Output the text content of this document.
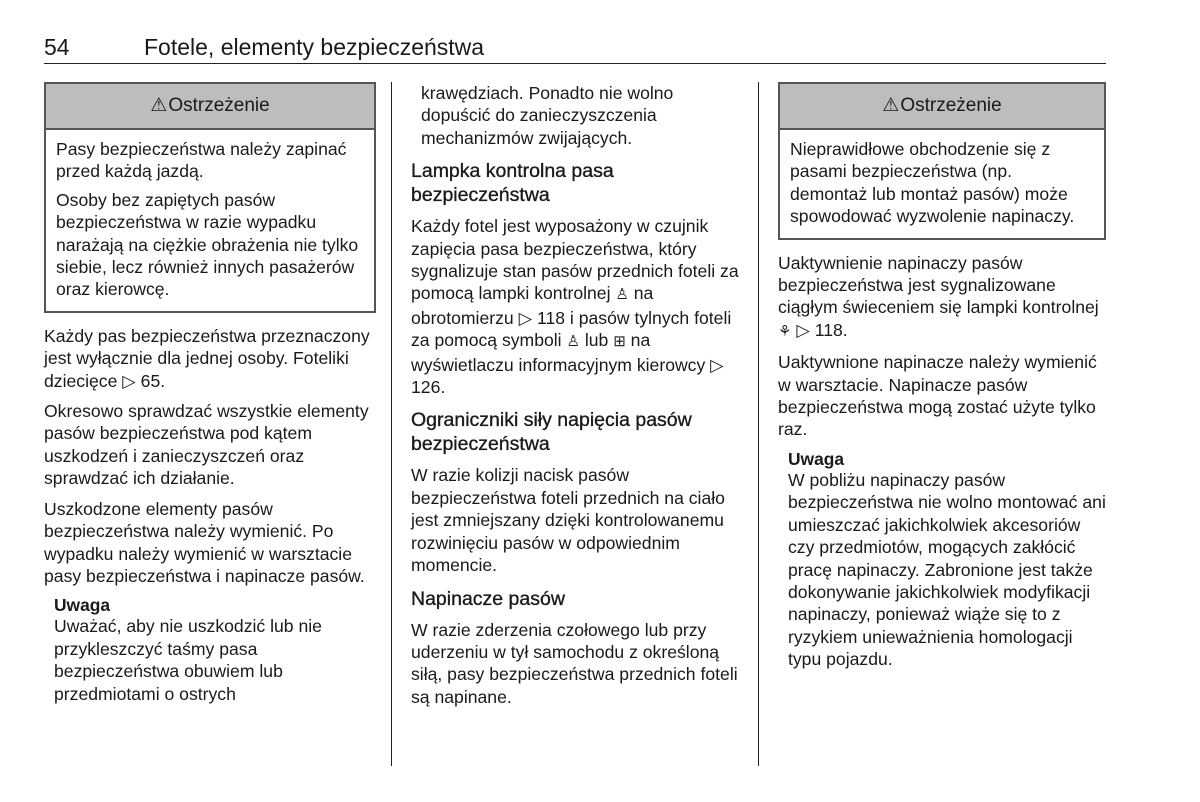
54	Fotele, elementy bezpieczeństwa
⚠ Ostrzeżenie

Pasy bezpieczeństwa należy zapinać przed każdą jazdą.

Osoby bez zapiętych pasów bezpieczeństwa w razie wypadku narażają na ciężkie obrażenia nie tylko siebie, lecz również innych pasażerów oraz kierowcę.

Każdy pas bezpieczeństwa przeznaczony jest wyłącznie dla jednej osoby. Foteliki dziecięce ▷ 65.

Okresowo sprawdzać wszystkie elementy pasów bezpieczeństwa pod kątem uszkodzeń i zanieczyszczeń oraz sprawdzać ich działanie.

Uszkodzone elementy pasów bezpieczeństwa należy wymienić. Po wypadku należy wymienić w warsztacie pasy bezpieczeństwa i napinacze pasów.

Uwaga

Uważać, aby nie uszkodzić lub nie przykleszczyć taśmy pasa bezpieczeństwa obuwiem lub przedmiotami o ostrych

krawędziach. Ponadto nie wolno dopuścić do zanieczyszczenia mechanizmów zwijających.

Lampka kontrolna pasa bezpieczeństwa

Każdy fotel jest wyposażony w czujnik zapięcia pasa bezpieczeństwa, który sygnalizuje stan pasów przednich foteli za pomocą lampki kontrolnej ♙ na obrotomierzu ▷ 118 i pasów tylnych foteli za pomocą symboli ♙ lub ⊞ na wyświetlaczu informacyjnym kierowcy ▷ 126.

Ograniczniki siły napięcia pasów bezpieczeństwa

W razie kolizji nacisk pasów bezpieczeństwa foteli przednich na ciało jest zmniejszany dzięki kontrolowanemu rozwinięciu pasów w odpowiednim momencie.

Napinacze pasów

W razie zderzenia czołowego lub przy uderzeniu w tył samochodu z określoną siłą, pasy bezpieczeństwa przednich foteli są napinane.

⚠ Ostrzeżenie

Nieprawidłowe obchodzenie się z pasami bezpieczeństwa (np. demontaż lub montaż pasów) może spowodować wyzwolenie napinaczy.

Uaktywnienie napinaczy pasów bezpieczeństwa jest sygnalizowane ciągłym świeceniem się lampki kontrolnej ⚘ ▷ 118.

Uaktywnione napinacze należy wymienić w warsztacie. Napinacze pasów bezpieczeństwa mogą zostać użyte tylko raz.

Uwaga

W pobliżu napinaczy pasów bezpieczeństwa nie wolno montować ani umieszczać jakichkolwiek akcesoriów czy przedmiotów, mogących zakłócić pracę napinaczy. Zabronione jest także dokonywanie jakichkolwiek modyfikacji napinaczy, ponieważ wiąże się to z ryzykiem unieważnienia homologacji typu pojazdu.
